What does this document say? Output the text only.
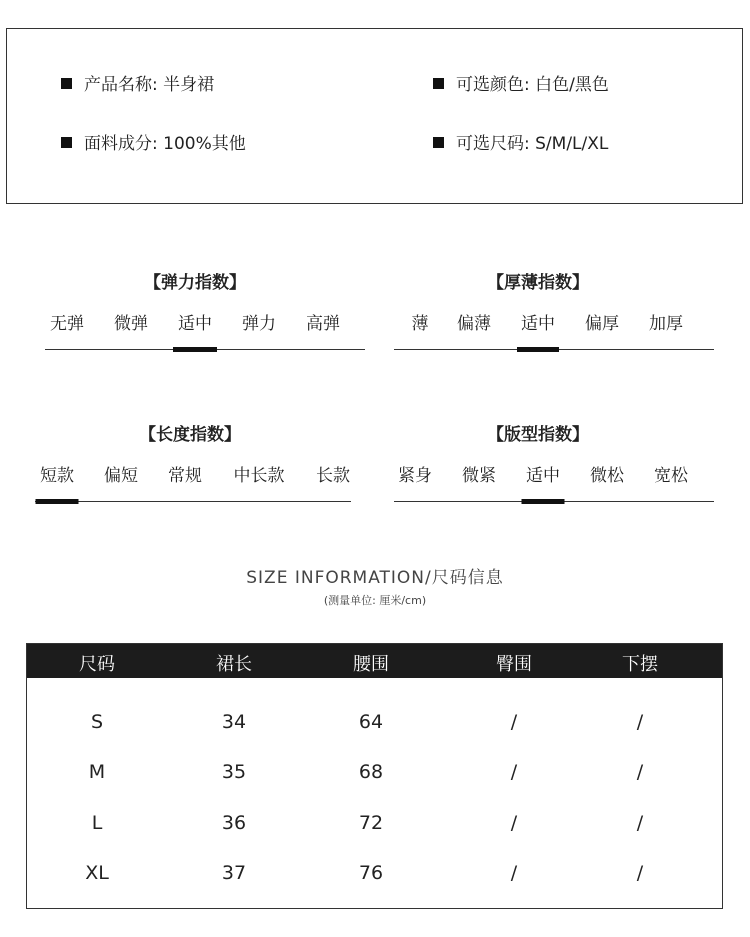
产品名称: 半身裙	可选颜色: 白色/黑色
面料成分: 100%其他	可选尺码: S/M/L/XL
【弹力指数】
无弹 微弹 适中 弹力 高弹
【厚薄指数】
薄 偏薄 适中 偏厚 加厚
【长度指数】
短款 偏短 常规 中长款 长款
【版型指数】
紧身 微紧 适中 微松 宽松
SIZE INFORMATION/尺码信息
(测量单位: 厘米/cm)
尺码	裙长	腰围	臀围	下摆
S	34	64	/	/
M	35	68	/	/
L	36	72	/	/
XL	37	76	/	/
